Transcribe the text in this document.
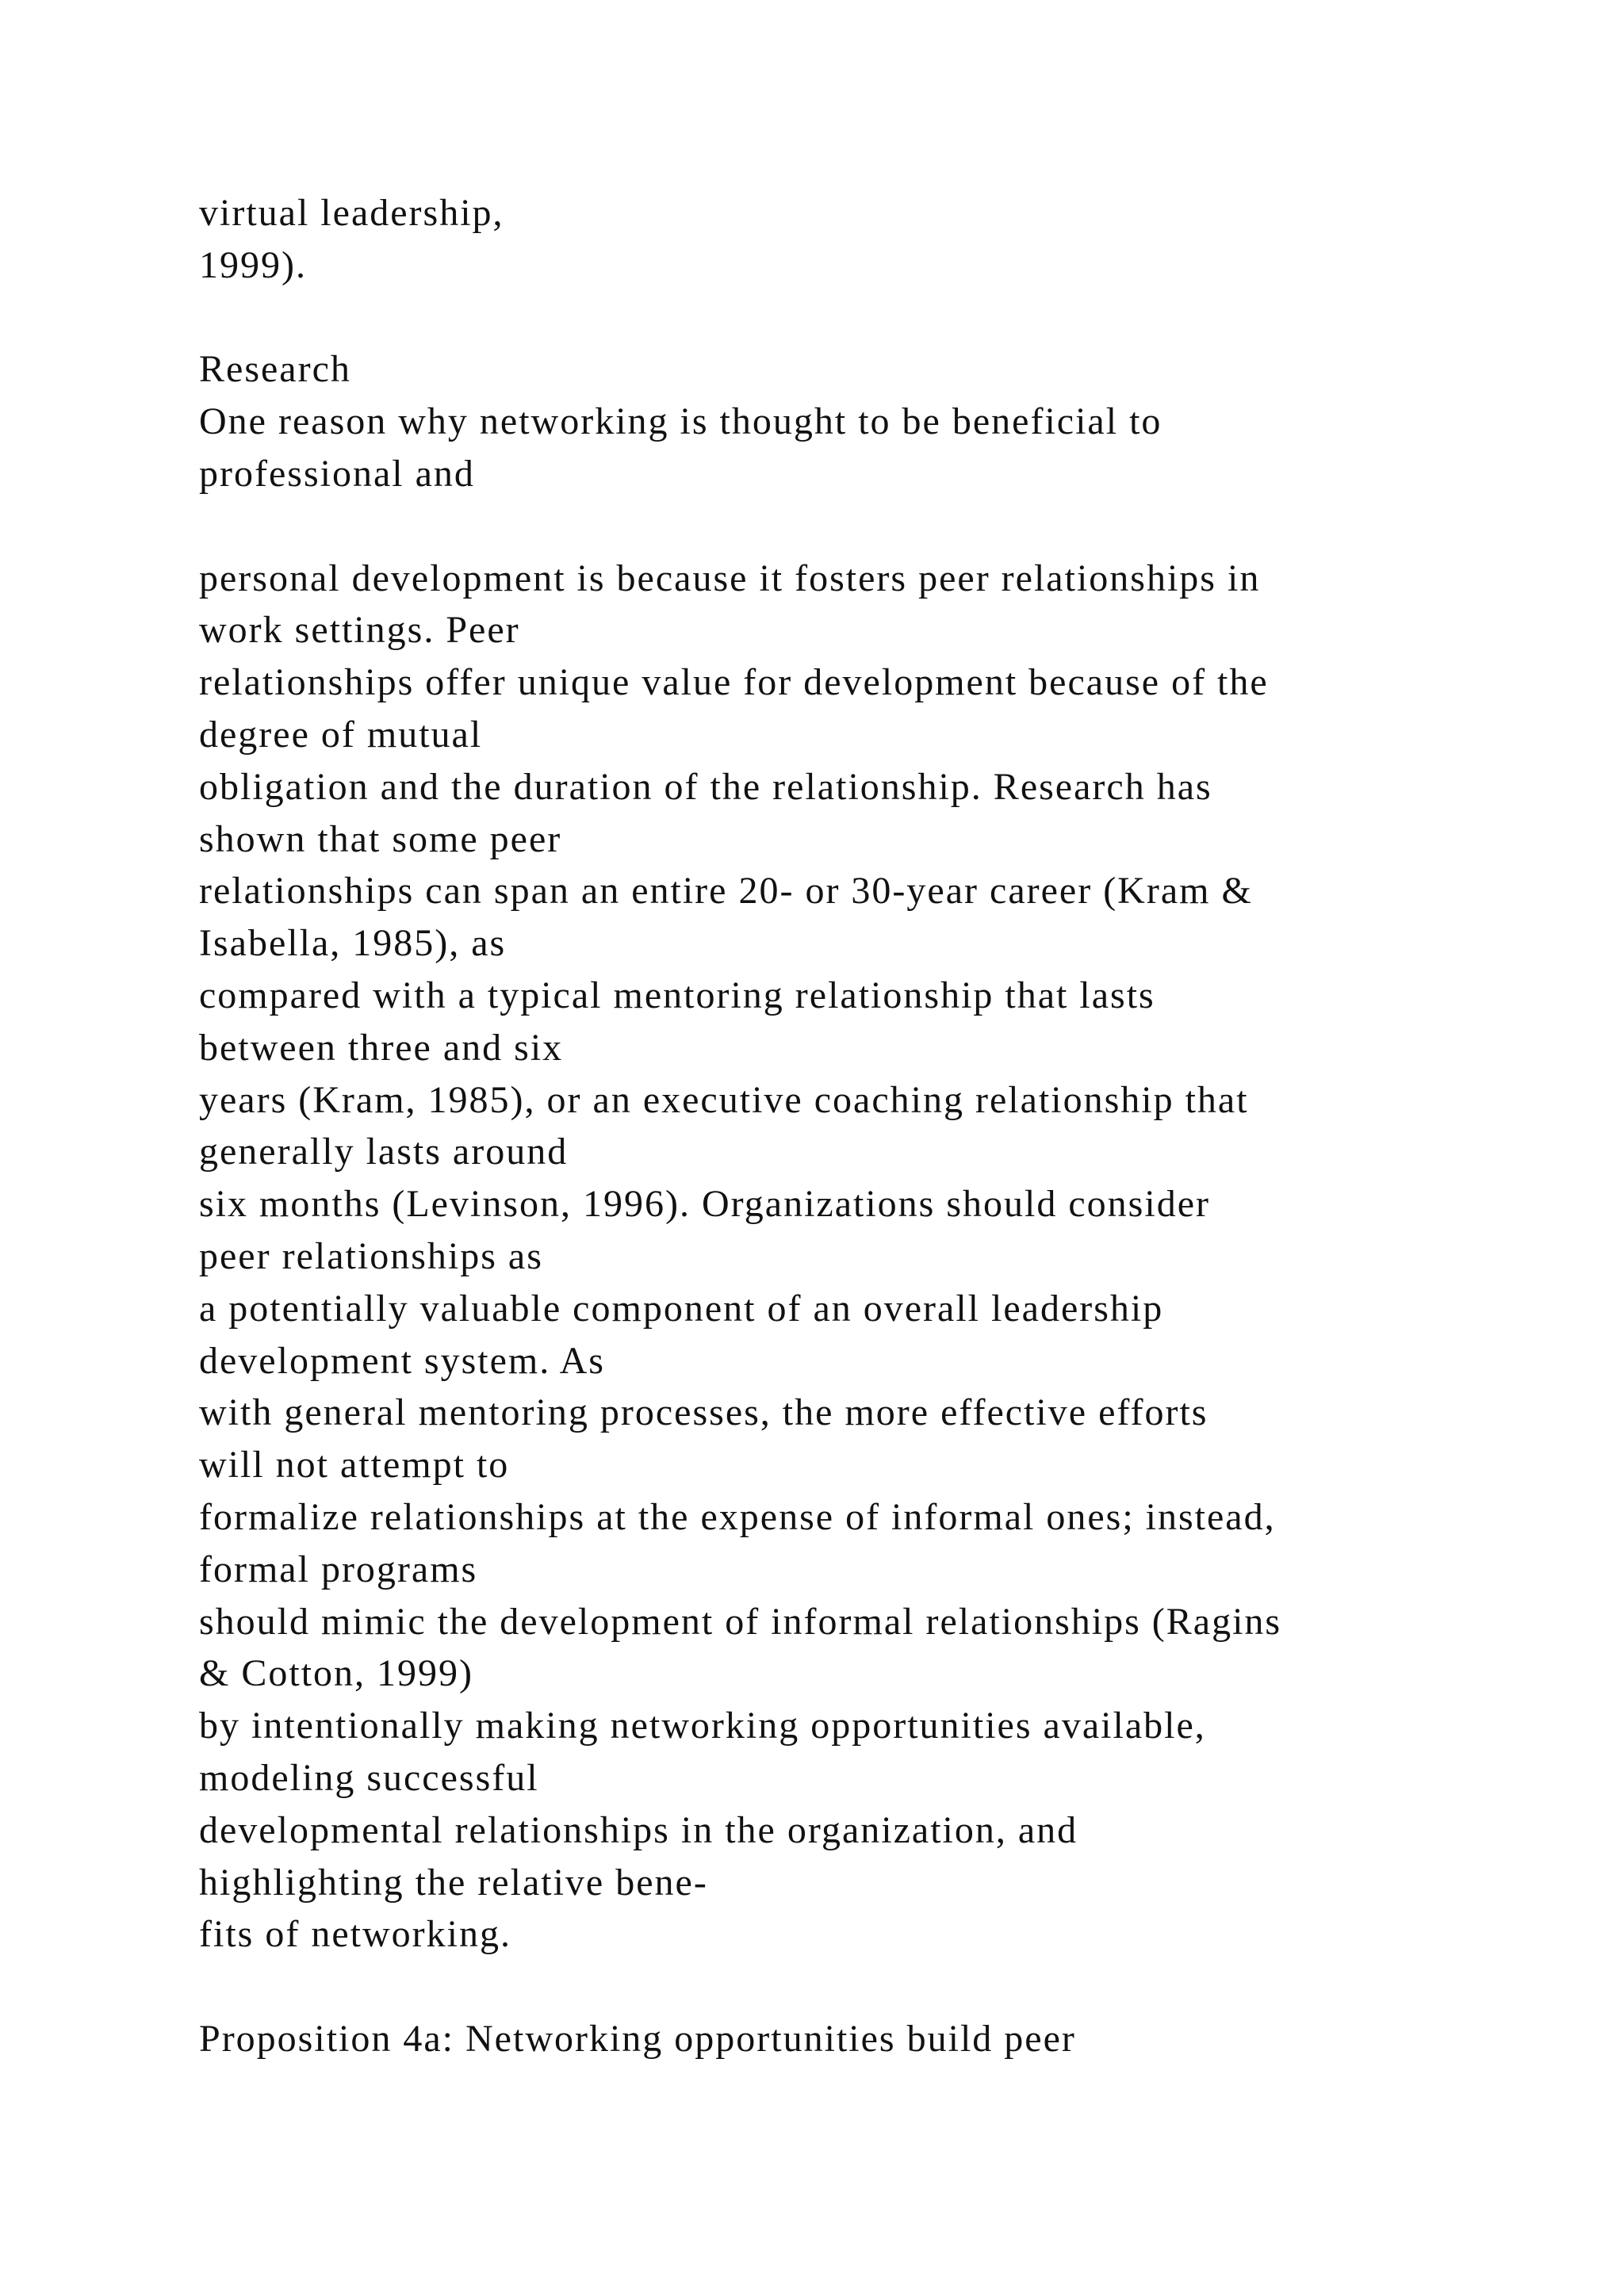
virtual leadership,
1999).
Research
One reason why networking is thought to be beneficial to
professional and
personal development is because it fosters peer relationships in
work settings. Peer
relationships offer unique value for development because of the
degree of mutual
obligation and the duration of the relationship. Research has
shown that some peer
relationships can span an entire 20- or 30-year career (Kram &
Isabella, 1985), as
compared with a typical mentoring relationship that lasts
between three and six
years (Kram, 1985), or an executive coaching relationship that
generally lasts around
six months (Levinson, 1996). Organizations should consider
peer relationships as
a potentially valuable component of an overall leadership
development system. As
with general mentoring processes, the more effective efforts
will not attempt to
formalize relationships at the expense of informal ones; instead,
formal programs
should mimic the development of informal relationships (Ragins
& Cotton, 1999)
by intentionally making networking opportunities available,
modeling successful
developmental relationships in the organization, and
highlighting the relative bene-
fits of networking.
Proposition 4a: Networking opportunities build peer
